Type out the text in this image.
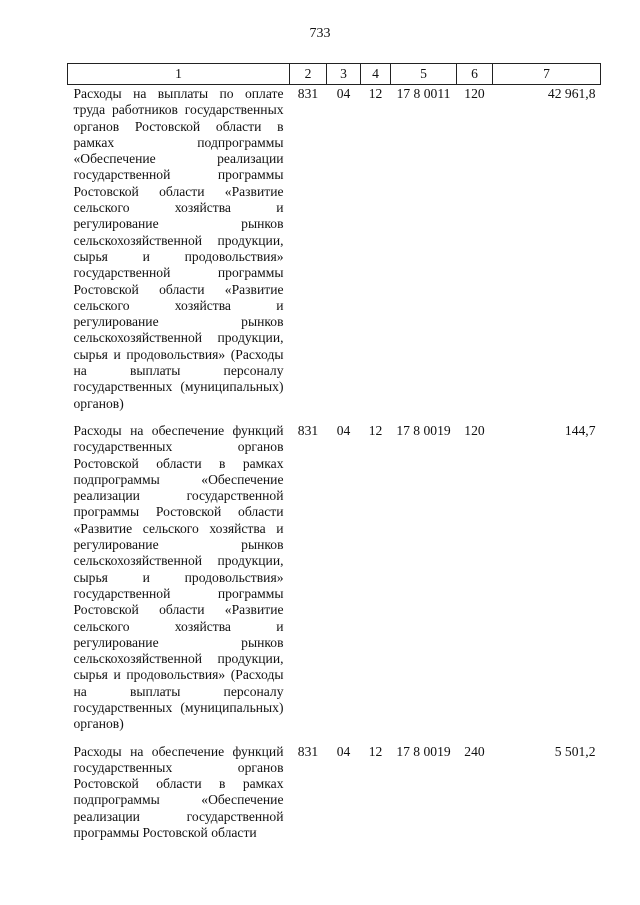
733
1	2	3	4	5	6	7
Расходы на выплаты по оплате труда работников государственных органов Ростовской области в рамках подпрограммы «Обеспечение реализации государственной программы Ростовской области «Развитие сельского хозяйства и регулирование рынков сельскохозяйственной продукции, сырья и продовольствия» государственной программы Ростовской области «Развитие сельского хозяйства и регулирование рынков сельскохозяйственной продукции, сырья и продовольствия» (Расходы на выплаты персоналу государственных (муниципальных) органов)	831	04	12	17 8 0011	120	42 961,8
Расходы на обеспечение функций государственных органов Ростовской области в рамках подпрограммы «Обеспечение реализации государственной программы Ростовской области «Развитие сельского хозяйства и регулирование рынков сельскохозяйственной продукции, сырья и продовольствия» государственной программы Ростовской области «Развитие сельского хозяйства и регулирование рынков сельскохозяйственной продукции, сырья и продовольствия» (Расходы на выплаты персоналу государственных (муниципальных) органов)	831	04	12	17 8 0019	120	144,7
Расходы на обеспечение функций государственных органов Ростовской области в рамках подпрограммы «Обеспечение реализации государственной программы Ростовской области	831	04	12	17 8 0019	240	5 501,2
